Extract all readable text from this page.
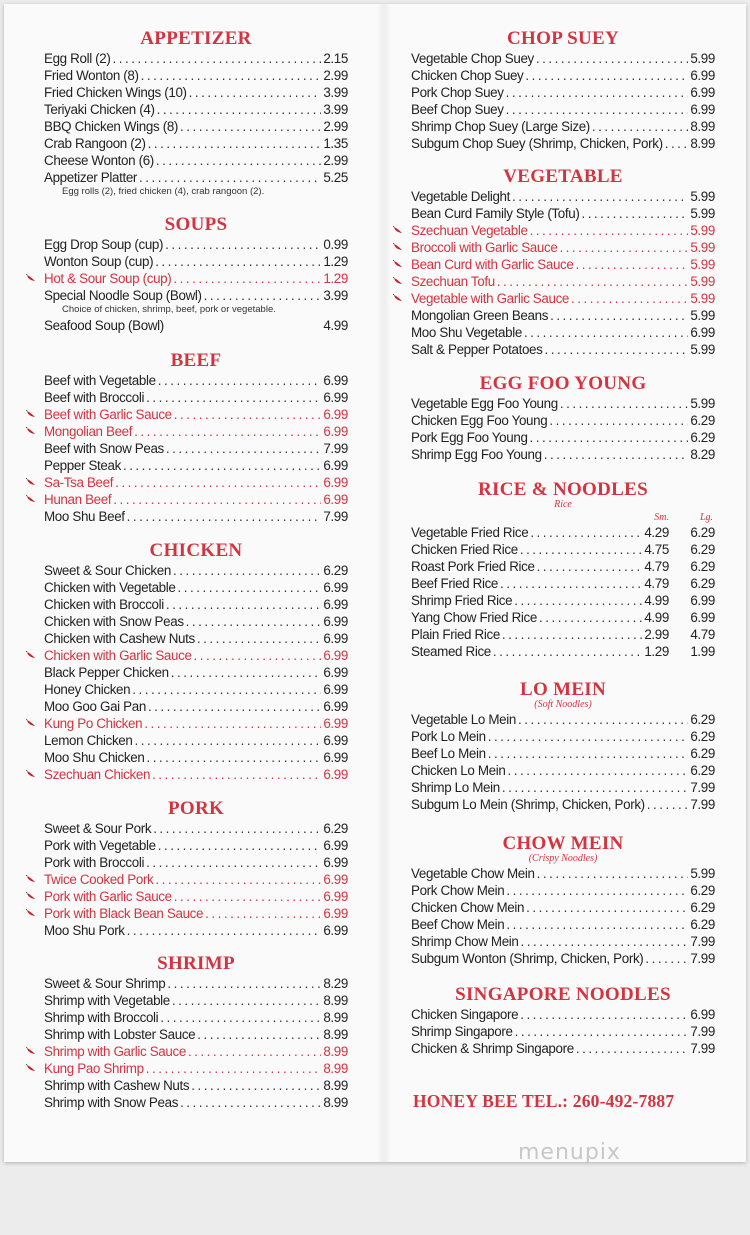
APPETIZER
Egg Roll (2) . . .	2.15
Fried Wonton (8) . . .	2.99
Fried Chicken Wings (10) . . .	3.99
Teriyaki Chicken (4) . . .	3.99
BBQ Chicken Wings (8) . . .	2.99
Crab Rangoon (2) . . .	1.35
Cheese Wonton (6) . . .	2.99
Appetizer Platter . . .	5.25
Egg rolls (2), fried chicken (4), crab rangoon (2).
SOUPS
Egg Drop Soup (cup) . . .	0.99
Wonton Soup (cup) . . .	1.29
Hot & Sour Soup (cup) . . .	1.29
Special Noodle Soup (Bowl) . . .	3.99
Choice of chicken, shrimp, beef, pork or vegetable.
Seafood Soup (Bowl)	4.99
BEEF
Beef with Vegetable . . .	6.99
Beef with Broccoli . . .	6.99
Beef with Garlic Sauce . . .	6.99
Mongolian Beef . . .	6.99
Beef with Snow Peas . . .	7.99
Pepper Steak . . .	6.99
Sa-Tsa Beef . . .	6.99
Hunan Beef . . .	6.99
Moo Shu Beef . . .	7.99
CHICKEN
Sweet & Sour Chicken . . .	6.29
Chicken with Vegetable . . .	6.99
Chicken with Broccoli . . .	6.99
Chicken with Snow Peas . . .	6.99
Chicken with Cashew Nuts . . .	6.99
Chicken with Garlic Sauce . . .	6.99
Black Pepper Chicken . . .	6.99
Honey Chicken . . .	6.99
Moo Goo Gai Pan . . .	6.99
Kung Po Chicken . . .	6.99
Lemon Chicken . . .	6.99
Moo Shu Chicken . . .	6.99
Szechuan Chicken . . .	6.99
PORK
Sweet & Sour Pork . . .	6.29
Pork with Vegetable . . .	6.99
Pork with Broccoli . . .	6.99
Twice Cooked Pork . . .	6.99
Pork with Garlic Sauce . . .	6.99
Pork with Black Bean Sauce . . .	6.99
Moo Shu Pork . . .	6.99
SHRIMP
Sweet & Sour Shrimp . . .	8.29
Shrimp with Vegetable . . .	8.99
Shrimp with Broccoli . . .	8.99
Shrimp with Lobster Sauce . . .	8.99
Shrimp with Garlic Sauce . . .	8.99
Kung Pao Shrimp . . .	8.99
Shrimp with Cashew Nuts . . .	8.99
Shrimp with Snow Peas . . .	8.99
CHOP SUEY
Vegetable Chop Suey . . .	5.99
Chicken Chop Suey . . .	6.99
Pork Chop Suey . . .	6.99
Beef Chop Suey . . .	6.99
Shrimp Chop Suey (Large Size) . . .	8.99
Subgum Chop Suey (Shrimp, Chicken, Pork) . . . 8.99
VEGETABLE
Vegetable Delight . . .	5.99
Bean Curd Family Style (Tofu) . . .	5.99
Szechuan Vegetable . . .	5.99
Broccoli with Garlic Sauce . . .	5.99
Bean Curd with Garlic Sauce . . .	5.99
Szechuan Tofu . . .	5.99
Vegetable with Garlic Sauce . . .	5.99
Mongolian Green Beans . . .	5.99
Moo Shu Vegetable . . .	6.99
Salt & Pepper Potatoes . . .	5.99
EGG FOO YOUNG
Vegetable Egg Foo Young . . .	5.99
Chicken Egg Foo Young . . .	6.29
Pork Egg Foo Young . . .	6.29
Shrimp Egg Foo Young . . .	8.29
RICE & NOODLES
Rice
Sm.	Lg.
Vegetable Fried Rice . . .	4.29	6.29
Chicken Fried Rice . . .	4.75	6.29
Roast Pork Fried Rice . . .	4.79	6.29
Beef Fried Rice . . .	4.79	6.29
Shrimp Fried Rice . . .	4.99	6.99
Yang Chow Fried Rice . . .	4.99	6.99
Plain Fried Rice . . .	2.99	4.79
Steamed Rice . . .	1.29	1.99
LO MEIN
(Soft Noodles)
Vegetable Lo Mein . . .	6.29
Pork Lo Mein . . .	6.29
Beef Lo Mein . . .	6.29
Chicken Lo Mein . . .	6.29
Shrimp Lo Mein . . .	7.99
Subgum Lo Mein (Shrimp, Chicken, Pork) . . .	7.99
CHOW MEIN
(Crispy Noodles)
Vegetable Chow Mein . . .	5.99
Pork Chow Mein . . .	6.29
Chicken Chow Mein . . .	6.29
Beef Chow Mein . . .	6.29
Shrimp Chow Mein . . .	7.99
Subgum Wonton (Shrimp, Chicken, Pork) . . .	7.99
SINGAPORE NOODLES
Chicken Singapore . . .	6.99
Shrimp Singapore . . .	7.99
Chicken & Shrimp Singapore . . .	7.99
HONEY BEE TEL.: 260-492-7887
menupix
